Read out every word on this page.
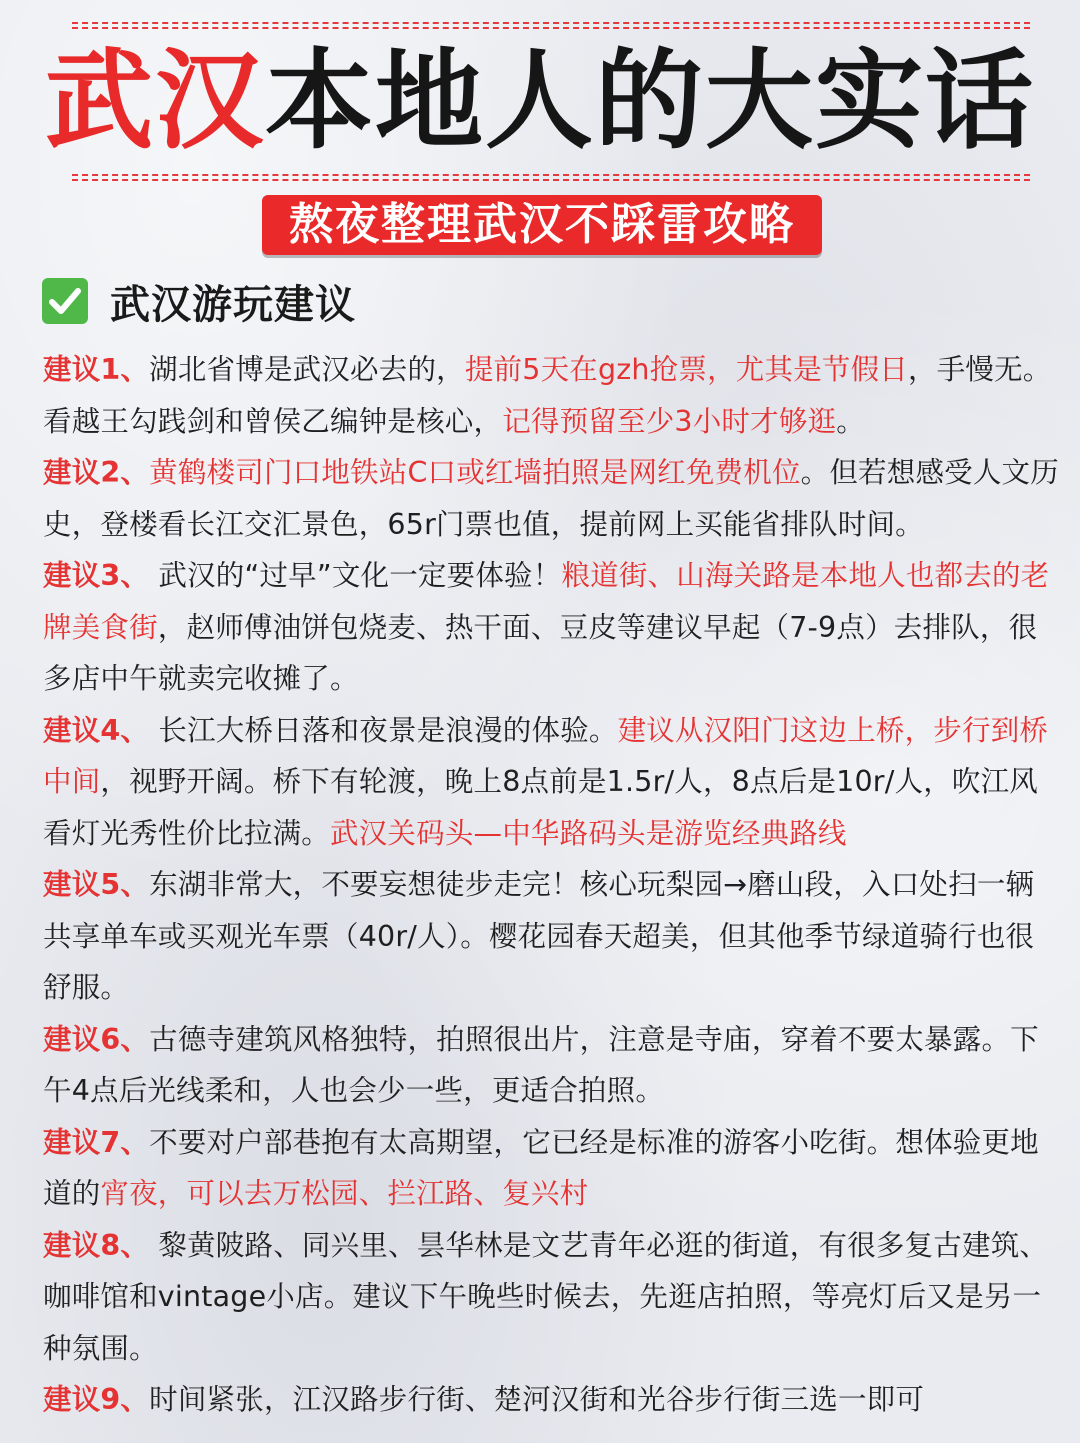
武汉本地人的大实话
熬夜整理武汉不踩雷攻略
武汉游玩建议

建议1、湖北省博是武汉必去的，提前5天在gzh抢票，尤其是节假日，手慢无。看越王勾践剑和曾侯乙编钟是核心，记得预留至少3小时才够逛。

建议2、黄鹤楼司门口地铁站C口或红墙拍照是网红免费机位。但若想感受人文历史，登楼看长江交汇景色，65r门票也值，提前网上买能省排队时间。

建议3、 武汉的“过早”文化一定要体验！粮道街、山海关路是本地人也都去的老牌美食街，赵师傅油饼包烧麦、热干面、豆皮等建议早起（7-9点）去排队，很多店中午就卖完收摊了。

建议4、 长江大桥日落和夜景是浪漫的体验。建议从汉阳门这边上桥，步行到桥中间，视野开阔。桥下有轮渡，晚上8点前是1.5r/人，8点后是10r/人，吹江风看灯光秀性价比拉满。武汉关码头—中华路码头是游览经典路线

建议5、东湖非常大，不要妄想徒步走完！核心玩梨园→磨山段，入口处扫一辆共享单车或买观光车票（40r/人）。樱花园春天超美，但其他季节绿道骑行也很舒服。

建议6、古德寺建筑风格独特，拍照很出片，注意是寺庙，穿着不要太暴露。下午4点后光线柔和，人也会少一些，更适合拍照。

建议7、不要对户部巷抱有太高期望，它已经是标准的游客小吃街。想体验更地道的宵夜，可以去万松园、拦江路、复兴村

建议8、 黎黄陂路、同兴里、昙华林是文艺青年必逛的街道，有很多复古建筑、咖啡馆和vintage小店。建议下午晚些时候去，先逛店拍照，等亮灯后又是另一种氛围。

建议9、时间紧张，江汉路步行街、楚河汉街和光谷步行街三选一即可
